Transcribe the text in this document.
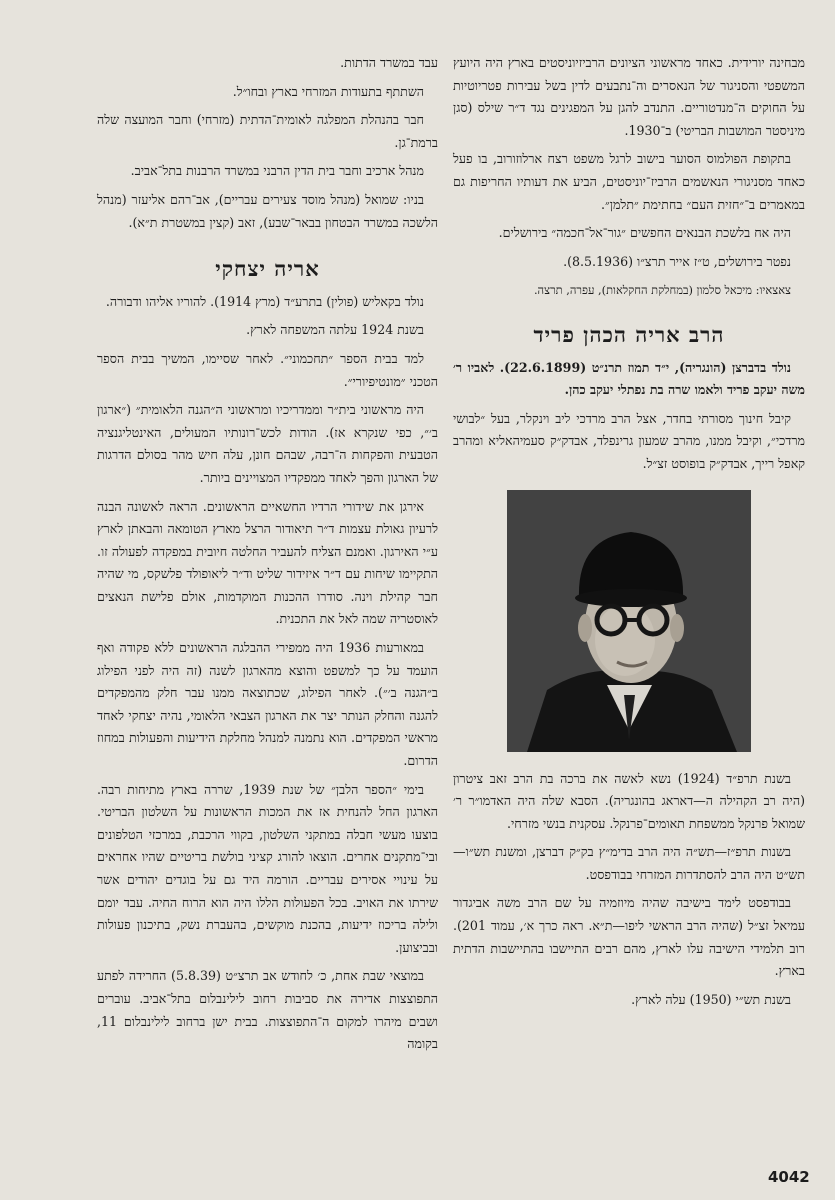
מבחינה יורידית. כאחד מראשוני הציונים הרביזיוניסטים בארץ היה היועץ המשפטי והסניגור של הנאסרים וה־נתבעים לדין בשל עבירות פטריוטיות על החוקים ה־מנדטוריים. התנדב להגן על המפגינים נגד ד״ר שילס (סגן מיניסטר המושבות הבריטי) ב־1930.

בתקופת הפולמוס הסוער בישוב לרגל משפט רצח ארלוזורוב, בו פעל כאחד מסניגורי הנאשמים הרביז־יוניסטים, הביע את דעותיו החריפות גם במאמרים ב־״חזית העם״ בחתימת ״תלמן״.

היה אח בלשכת הבנאים החפשים ״גור־אל־חכמה״ בירושלים.

נפטר בירושלים, ט״ז אייר תרצ״ו (8.5.1936).

צאצאיו: מיכאל סלמון (במחלקת החקלאות), עפרה, תרצה.

הרב אריה הכהן פריד

נולד בדברצן (הונגריה), י״ד תמוז תרנ״ט (22.6.1899). לאביו ר׳ משה יעקב פריד ולאמו שרה בת נפתלי יעקב כהן.

קיבל חינוך מסורתי בחדר, אצל הרב מרדכי ליב וינקלר, בעל ״לבושי מרדכי״, וקיבל ממנו, מהרב שמעון גרינפלד, אבדק״ק סעמיהאליא ומהרב קאפל רייך, אבדק״ק בופוסט זצ״ל.

בשנת תרפ״ד (1924) נשא לאשה את ברכה בת הרב זאב ציטרון (היה רב הקהילה ה—דאראג בהונגריה). הסבא שלה היה האדמו״ר ר׳ שמואל פרנקל ממשפחת תאומים־פרנקל. עסקנית בנשי מזרחי.

בשנות תרפ״ז—תש״ה היה הרב בדימ״ץ בק״ק דברצן, ומשנת תש״ו—תש״ט היה הרב להסתדרות המזרחי בבודפסט.

בבודפסט לימד בישיבה שהיה מיוזמיה על שם הרב משה אביגדור עמיאל זצ״ל (שהיה הרב הראשי ליפו—ת״א. ראה כרך א׳, עמוד 201). רוב תלמידי הישיבה עלו לארץ, מהם רבים התיישבו בהתיישבות הדתית בארץ.

בשנת תש״י (1950) עלה לארץ.

עבד במשרד הדתות.

השתתף בתעודות המזרחי בארץ ובחו״ל.

חבר בהנהלת המפלגה לאומית־הדתית (מזרחי) וחבר המועצה שלה ברמת־גן.

מנהל ארכיב וחבר בית הדין הרבני במשרד הרבנות בתל־אביב.

בניו: שמואל (מנהל מוסד צעירים עבריים), אב־רהם אליעזר (מנהל הלשכה במשרד הבטחון בבאר־שבע), זאב (קצין במשטרת ת״א).

אריה יצחקי

נולד בקאליש (פולין) בתרע״ד (מרץ 1914). להוריו אליהו ודבורה.

בשנת 1924 עלתה המשפחה לארץ.

למד בבית הספר ״תחכמוני״. לאחר שסיימו, המשיך בבית הספר הטכני ״מונטיפיורי״.

היה מראשוני בית״ר וממדריכיו ומראשוני ה״הגנה הלאומית״ (״ארגון ב׳״, כפי שנקרא אז). הודות לכש־רונותיו המעולים, האינטליגנציה הטבעית והפקחות ה־רבה, שבהם חונן, עלה חיש מהר בסולם הדרגות של הארגון והפך לאחד ממפקדיו המצויינים ביותר.

אירגן את שידורי הרדיו החשאיים הראשונים. הראה לאשונה הבנה לרעיון גאולת עצמות ד״ר תיאודור הרצל מארץ הטומאה והבאתן לארץ ע״י האירגון. ואמנם הצליח להעביר החלטה חיובית במפקדה לפעולה זו. התקיימו שיחות עם ד״ר איזידור שליט וד״ר ליאופולד פלשקס, מי שהיה חבר קהילת וינה. סודרו ההכנות המוקדמות, אולם פלישת הנאצים לאוסטריה שמה לאל את התכנית.

במאורעות 1936 היה ממפירי ההבלגה הראשונים ללא פקודה ואף הועמד על כך למשפט והוצא מהארגון לשנה (זה היה לפני הפילוג ב״הגנה ב׳״). לאחר הפילוג, שכתוצאה ממנו עבר חלק מהמפקדים להגנה והחלק הנותר יצר את הארגון הצבאי הלאומי, נהיה יצחקי לאחד מראשי המפקדים. הוא נתמנה למנהל מחלקת הידיעות והפעולות במחוז הדרום.

בימי ״הספר הלבן״ של שנת 1939, שררה בארץ מתיחות רבה. הארגון החל להנחית אז את המכות הראשונות על השלטון הבריטי. בוצעו מעשי חבלה במתקני השלטון, בקווי הרכבת, במרכזי הטלפונים ובי־מתקנים אחרים. הוצאו להורג קציני בולשת בריטיים שהיו אחראים על עינויי אסירים עבריים. הורמה היד גם על בוגדים יהודים אשר שירתו את האויב. בכל הפעולות הללו היה הוא הרוח החיה. עבד יומם ולילה בריכוז ידיעות, בהכנת מוקשים, בהעברת נשק, בתיכנון פעולות ובביצוען.

במוצאי שבת אחת, כ׳ לחודש אב תרצ״ט (5.8.39) החרידה לפתע התפוצצות אדירה את סביבות רחוב לילינבלום בתל־אביב. עוברים ושבים מיהרו למקום ה־התפוצצות. בבית ישן ברחוב לילינבלום 11, בקומה

4042
